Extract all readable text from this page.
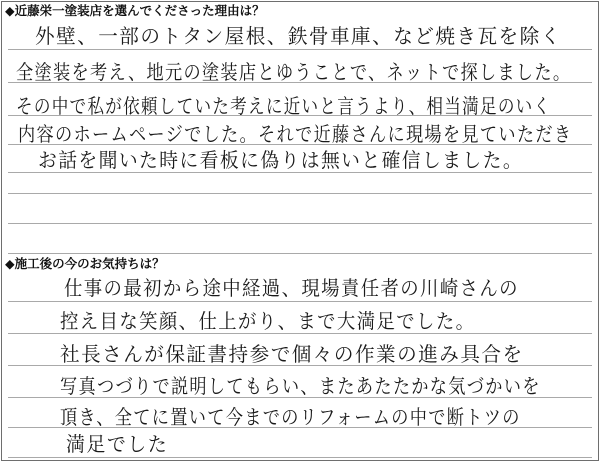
◆近藤栄一塗装店を選んでくださった理由は？
外壁、一部のトタン屋根、鉄骨車庫、など焼き瓦を除く
全塗装を考え、地元の塗装店とゆうことで、ネットで探しました。
その中で私が依頼していた考えに近いと言うより、相当満足のいく
内容のホームページでした。それで近藤さんに現場を見ていただき
お話を聞いた時に看板に偽りは無いと確信しました。
◆施工後の今のお気持ちは？
仕事の最初から途中経過、現場責任者の川崎さんの
控え目な笑顔、仕上がり、まで大満足でした。
社長さんが保証書持参で個々の作業の進み具合を
写真つづりで説明してもらい、またあたたかな気づかいを
頂き、全てに置いて今までのリフォームの中で断トツの
満足でした
